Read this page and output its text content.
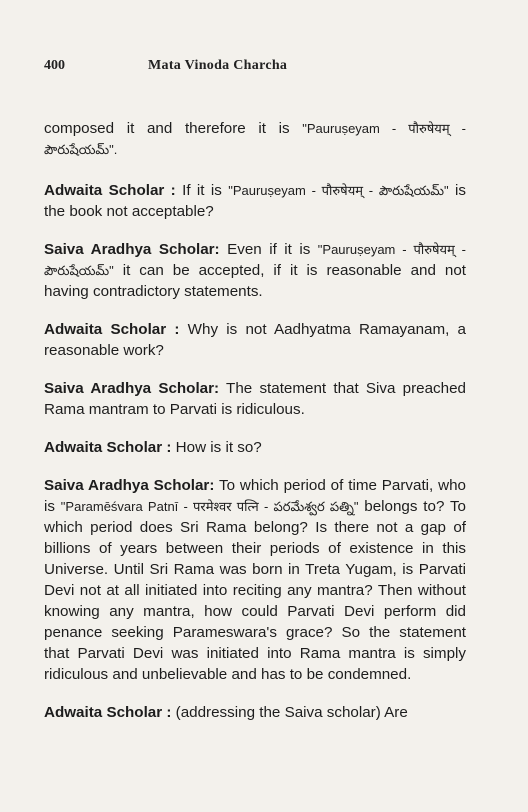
400	Mata Vinoda Charcha

composed it and therefore it is "Pauruṣeyam - पौरुषेयम् - పౌరుషేయమ్".

Adwaita Scholar : If it is "Pauruṣeyam - पौरुषेयम् - పౌరుషేయమ్" is the book not acceptable?

Saiva Aradhya Scholar: Even if it is "Pauruṣeyam - पौरुषेयम् - పౌరుషేయమ్" it can be accepted, if it is reasonable and not having contradictory statements.

Adwaita Scholar : Why is not Aadhyatma Ramayanam, a reasonable work?

Saiva Aradhya Scholar: The statement that Siva preached Rama mantram to Parvati is ridiculous.

Adwaita Scholar : How is it so?

Saiva Aradhya Scholar: To which period of time Parvati, who is "Paramēśvara Patnī - परमेश्वर पत्नि - పరమేశ్వర పత్ని" belongs to? To which period does Sri Rama belong? Is there not a gap of billions of years between their periods of existence in this Universe. Until Sri Rama was born in Treta Yugam, is Parvati Devi not at all initiated into reciting any mantra? Then without knowing any mantra, how could Parvati Devi perform did penance seeking Parameswara's grace? So the statement that Parvati Devi was initiated into Rama mantra is simply ridiculous and unbelievable and has to be condemned.

Adwaita Scholar : (addressing the Saiva scholar) Are
